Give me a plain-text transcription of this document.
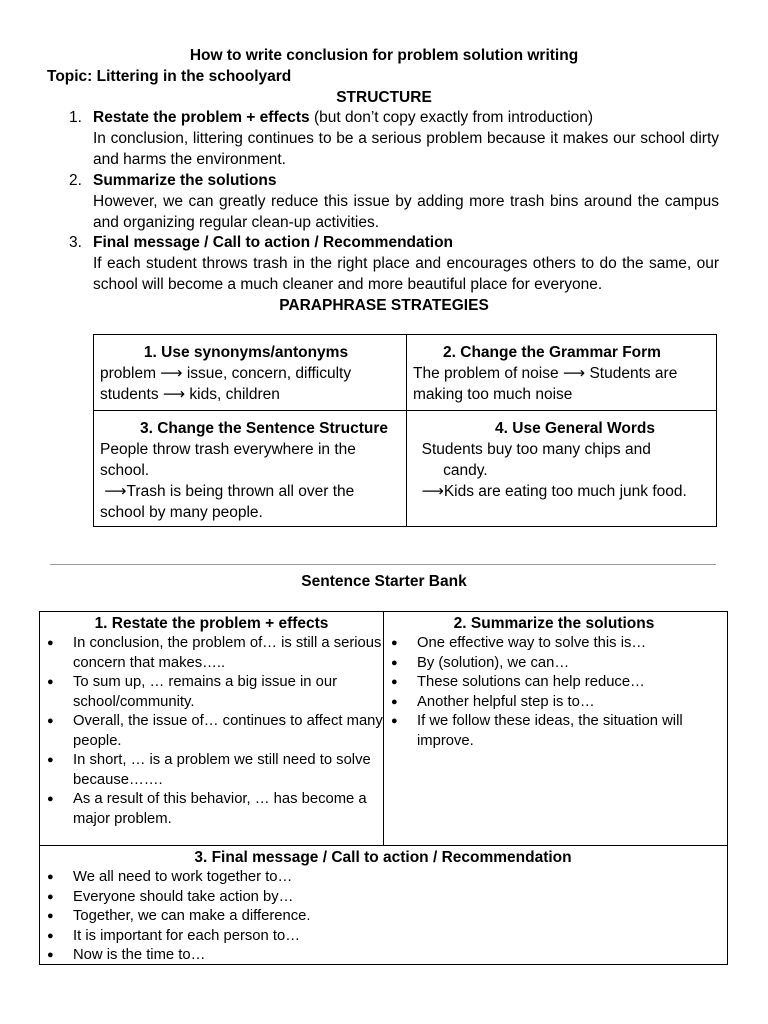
How to write conclusion for problem solution writing
Topic: Littering in the schoolyard
STRUCTURE
1. Restate the problem + effects (but don’t copy exactly from introduction)
In conclusion, littering continues to be a serious problem because it makes our school dirty and harms the environment.
2. Summarize the solutions
However, we can greatly reduce this issue by adding more trash bins around the campus and organizing regular clean-up activities.
3. Final message / Call to action / Recommendation
If each student throws trash in the right place and encourages others to do the same, our school will become a much cleaner and more beautiful place for everyone.
PARAPHRASE STRATEGIES
1. Use synonyms/antonyms
problem ⟶ issue, concern, difficulty
students ⟶ kids, children
2. Change the Grammar Form
The problem of noise ⟶ Students are
making too much noise
3. Change the Sentence Structure
People throw trash everywhere in the
school.
⟶Trash is being thrown all over the
school by many people.
4. Use General Words
Students buy too many chips and
candy.
⟶Kids are eating too much junk food.
Sentence Starter Bank
1. Restate the problem + effects
● In conclusion, the problem of… is still a serious concern that makes…..
● To sum up, … remains a big issue in our school/community.
● Overall, the issue of… continues to affect many people.
● In short, … is a problem we still need to solve because…….
● As a result of this behavior, … has become a major problem.
2. Summarize the solutions
● One effective way to solve this is…
● By (solution), we can…
● These solutions can help reduce…
● Another helpful step is to…
● If we follow these ideas, the situation will improve.
3. Final message / Call to action / Recommendation
● We all need to work together to…
● Everyone should take action by…
● Together, we can make a difference.
● It is important for each person to…
● Now is the time to…
